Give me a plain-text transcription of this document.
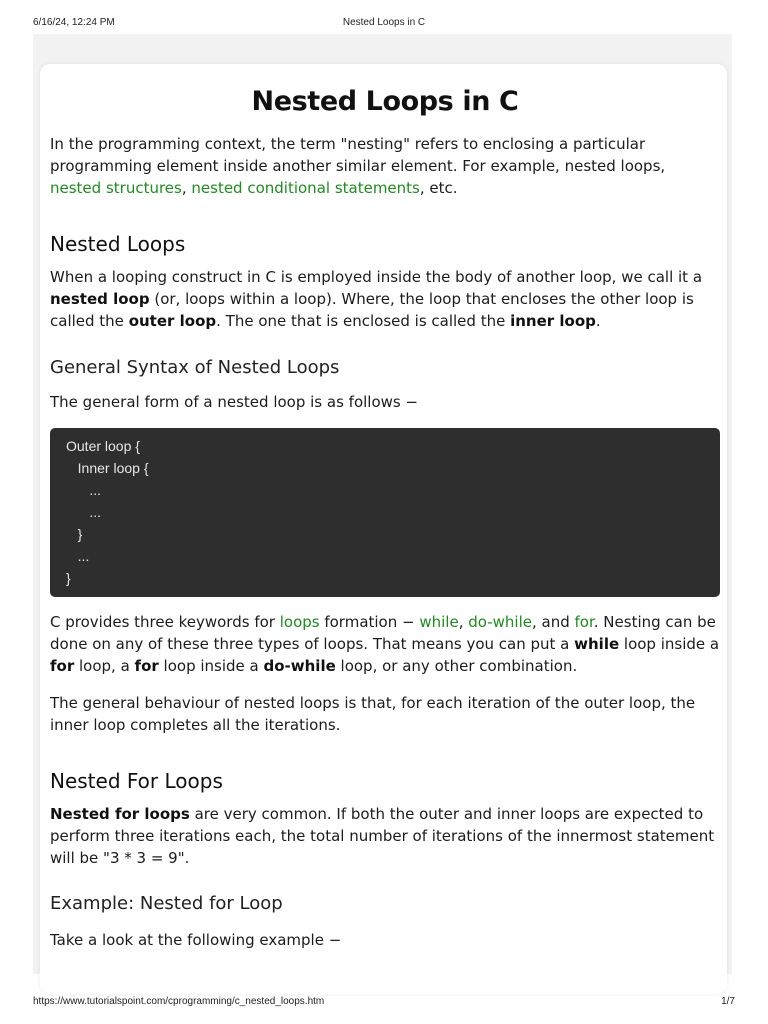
6/16/24, 12:24 PM	Nested Loops in C
Nested Loops in C

In the programming context, the term "nesting" refers to enclosing a particular programming element inside another similar element. For example, nested loops, nested structures, nested conditional statements, etc.

Nested Loops

When a looping construct in C is employed inside the body of another loop, we call it a nested loop (or, loops within a loop). Where, the loop that encloses the other loop is called the outer loop. The one that is enclosed is called the inner loop.

General Syntax of Nested Loops

The general form of a nested loop is as follows −

Outer loop {
Inner loop {
...
...
}
...
}

C provides three keywords for loops formation − while, do-while, and for. Nesting can be done on any of these three types of loops. That means you can put a while loop inside a for loop, a for loop inside a do-while loop, or any other combination.

The general behaviour of nested loops is that, for each iteration of the outer loop, the inner loop completes all the iterations.

Nested For Loops

Nested for loops are very common. If both the outer and inner loops are expected to perform three iterations each, the total number of iterations of the innermost statement will be "3 * 3 = 9".

Example: Nested for Loop

Take a look at the following example −

https://www.tutorialspoint.com/cprogramming/c_nested_loops.htm	1/7
